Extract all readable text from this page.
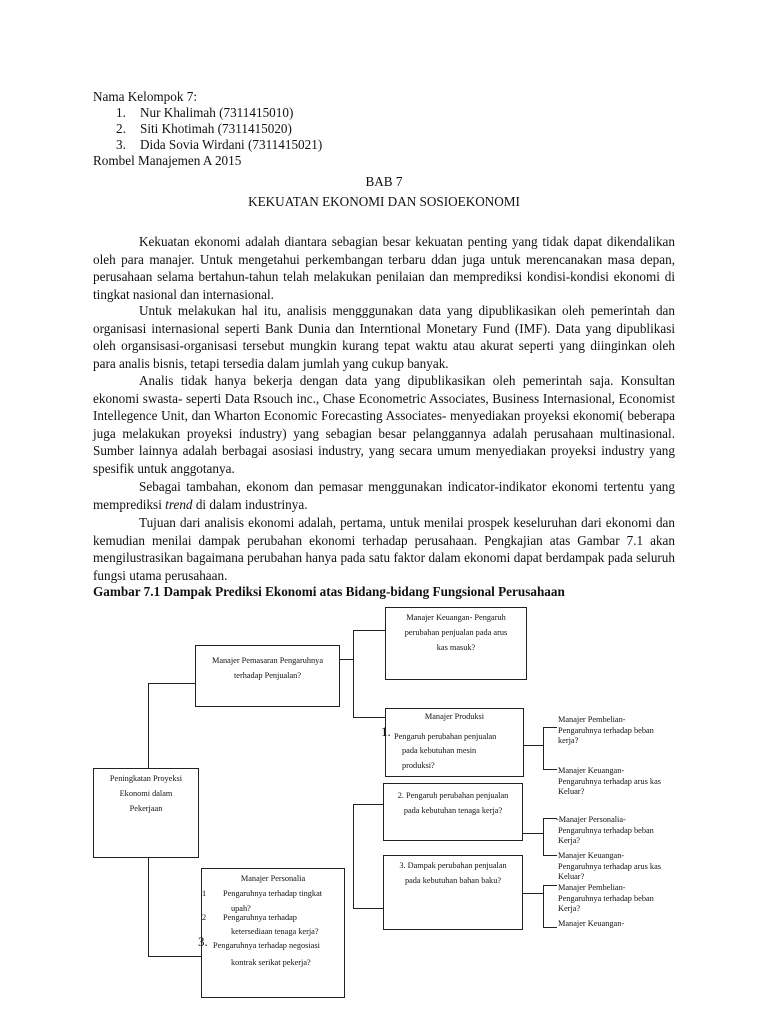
Nama Kelompok 7:
1. Nur Khalimah (7311415010)
2. Siti Khotimah (7311415020)
3. Dida Sovia Wirdani (7311415021)
Rombel Manajemen A 2015
BAB 7
KEKUATAN EKONOMI DAN SOSIOEKONOMI

Kekuatan ekonomi adalah diantara sebagian besar kekuatan penting yang tidak dapat dikendalikan oleh para manajer. Untuk mengetahui perkembangan terbaru ddan juga untuk merencanakan masa depan, perusahaan selama bertahun-tahun telah melakukan penilaian dan memprediksi kondisi-kondisi ekonomi di tingkat nasional dan internasional.

Untuk melakukan hal itu, analisis mengggunakan data yang dipublikasikan oleh pemerintah dan organisasi internasional seperti Bank Dunia dan Interntional Monetary Fund (IMF). Data yang dipublikasi oleh organsisasi-organisasi tersebut mungkin kurang tepat waktu atau akurat seperti yang diinginkan oleh para analis bisnis, tetapi tersedia dalam jumlah yang cukup banyak.

Analis tidak hanya bekerja dengan data yang dipublikasikan oleh pemerintah saja. Konsultan ekonomi swasta- seperti Data Rsouch inc., Chase Econometric Associates, Business Internasional, Economist Intellegence Unit, dan Wharton Economic Forecasting Associates- menyediakan proyeksi ekonomi( beberapa juga melakukan proyeksi industry) yang sebagian besar pelanggannya adalah perusahaan multinasional. Sumber lainnya adalah berbagai asosiasi industry, yang secara umum menyediakan proyeksi industry yang spesifik untuk anggotanya.

Sebagai tambahan, ekonom dan pemasar menggunakan indicator-indikator ekonomi tertentu yang memprediksi trend di dalam industrinya.

Tujuan dari analisis ekonomi adalah, pertama, untuk menilai prospek keseluruhan dari ekonomi dan kemudian menilai dampak perubahan ekonomi terhadap perusahaan. Pengkajian atas Gambar 7.1 akan mengilustrasikan bagaimana perubahan hanya pada satu faktor dalam ekonomi dapat berdampak pada seluruh fungsi utama perusahaan.

Gambar 7.1 Dampak Prediksi Ekonomi atas Bidang-bidang Fungsional Perusahaan
Peningkatan Proyeksi
Ekonomi dalam
Pekerjaan
Manajer Pemasaran Pengaruhnya
terhadap Penjualan?
Manajer Keuangan- Pengaruh
perubahan penjualan pada arus
kas masuk?
Manajer Produksi
1. Pengaruh perubahan penjualan
pada kebutuhan mesin
produksi?
2. Pengaruh perubahan penjualan
pada kebutuhan tenaga kerja?
3. Dampak perubahan penjualan
pada kebutuhan bahan baku?
Manajer Personalia
1 Pengaruhnya terhadap tingkat
upah?
2 Pengaruhnya terhadap
ketersediaan tenaga kerja?
3. Pengaruhnya terhadap negosiasi
kontrak serikat pekerja?
Manajer Pembelian-
Pengaruhnya terhadap beban
kerja?
Manajer Keuangan-
Pengaruhnya terhadap arus kas
Keluar?
-Manajer Personalia-
Pengaruhnya terhadap beban
Kerja?
Manajer Keuangan-
Pengaruhnya terhadap arus kas
Keluar?
Manajer Pembelian-
Pengaruhnya terhadap beban
Kerja?
Manajer Keuangan-
